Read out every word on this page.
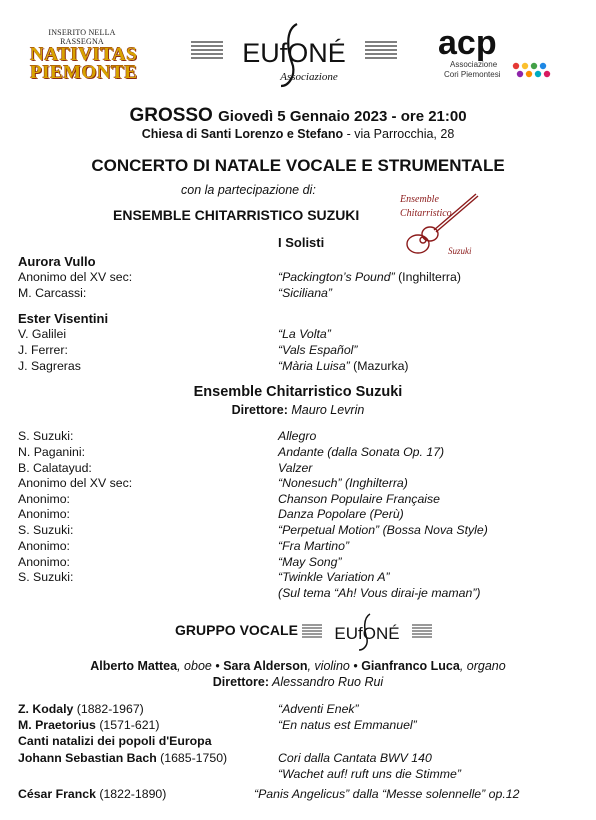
INSERITO NELLA RASSEGNA
NATIVITAS
PIEMONTE
EUfONÉ
Associazione
acp
Associazione
Cori Piemontesi
Ensemble
Chitarristico
Suzuki
GROSSO Giovedì 5 Gennaio 2023 - ore 21:00
Chiesa di Santi Lorenzo e Stefano - via Parrocchia, 28
CONCERTO DI NATALE VOCALE E STRUMENTALE
con la partecipazione di:
ENSEMBLE CHITARRISTICO SUZUKI
I Solisti
Aurora Vullo
Anonimo del XV sec:	“Packington’s Pound” (Inghilterra)
M. Carcassi:	“Siciliana”
Ester Visentini
V. Galilei	“La Volta”
J. Ferrer:	“Vals Español”
J. Sagreras	“Mària Luisa” (Mazurka)
Ensemble Chitarristico Suzuki
Direttore: Mauro Levrin
S. Suzuki:	Allegro
N. Paganini:	Andante (dalla Sonata Op. 17)
B. Calatayud:	Valzer
Anonimo del XV sec:	“Nonesuch” (Inghilterra)
Anonimo:	Chanson Populaire Française
Anonimo:	Danza Popolare (Perù)
S. Suzuki:	“Perpetual Motion” (Bossa Nova Style)
Anonimo:	“Fra Martino”
Anonimo:	“May Song”
S. Suzuki:	“Twinkle Variation A”
(Sul tema “Ah! Vous dirai-je maman”)
GRUPPO VOCALE EUfONÉ
Alberto Mattea, oboe • Sara Alderson, violino • Gianfranco Luca, organo
Direttore: Alessandro Ruo Rui
Z. Kodaly (1882-1967)	“Adventi Enek”
M. Praetorius (1571-621)	“En natus est Emmanuel”
Canti natalizi dei popoli d'Europa
Johann Sebastian Bach (1685-1750)	Cori dalla Cantata BWV 140
“Wachet auf! ruft uns die Stimme”
César Franck (1822-1890)	“Panis Angelicus” dalla “Messe solennelle” op.12
